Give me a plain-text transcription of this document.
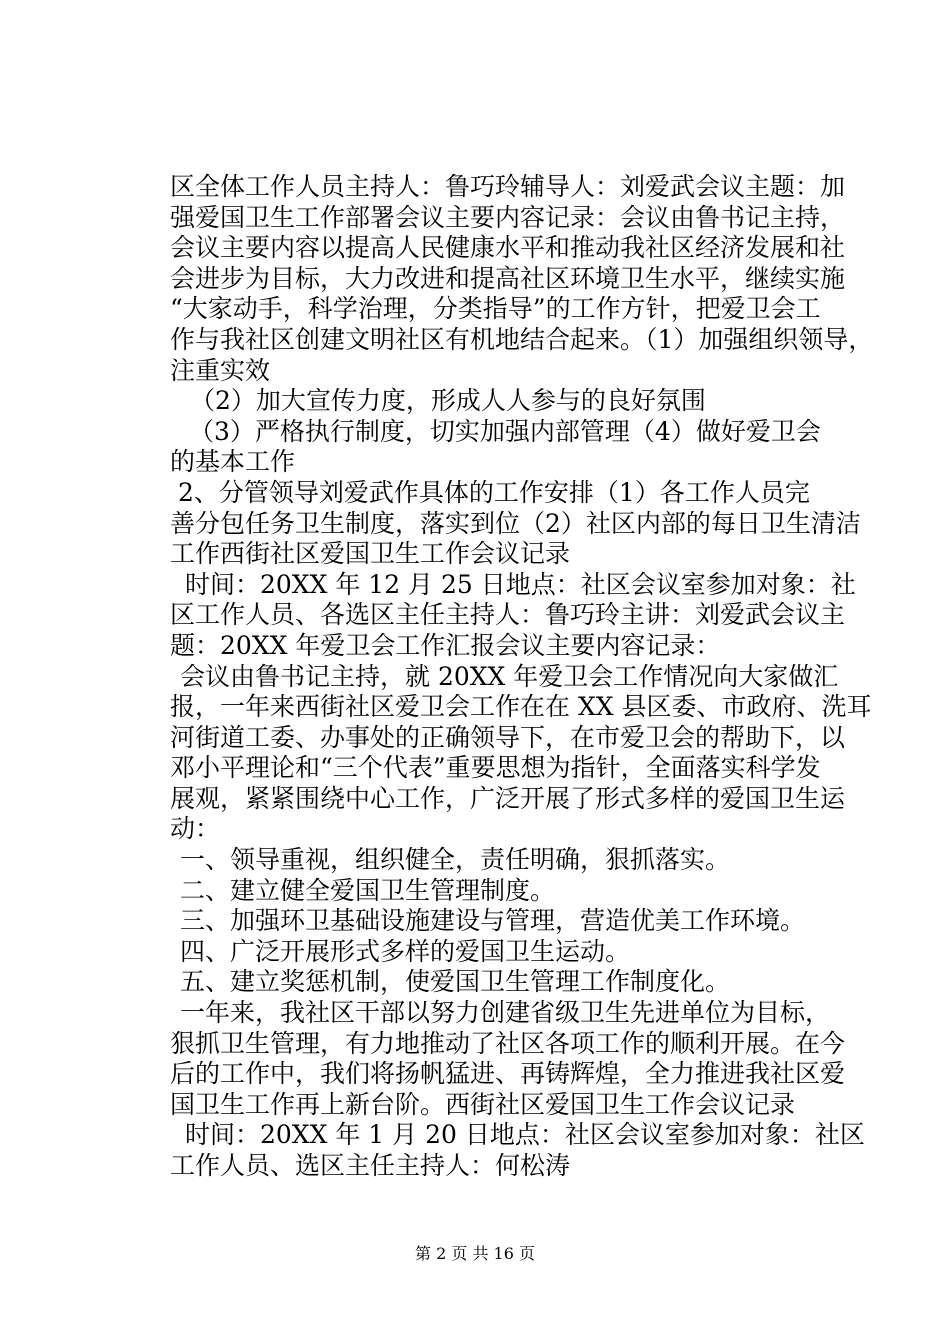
区全体工作人员主持人：鲁巧玲辅导人：刘爱武会议主题：加
强爱国卫生工作部署会议主要内容记录：会议由鲁书记主持，
会议主要内容以提高人民健康水平和推动我社区经济发展和社
会进步为目标，大力改进和提高社区环境卫生水平，继续实施
“大家动手，科学治理，分类指导”的工作方针，把爱卫会工
作与我社区创建文明社区有机地结合起来。（1）加强组织领导，
注重实效
（2）加大宣传力度，形成人人参与的良好氛围
（3）严格执行制度，切实加强内部管理（4）做好爱卫会
的基本工作
2、分管领导刘爱武作具体的工作安排（1）各工作人员完
善分包任务卫生制度，落实到位（2）社区内部的每日卫生清洁
工作西街社区爱国卫生工作会议记录
时间：20XX 年 12 月 25 日地点：社区会议室参加对象：社
区工作人员、各选区主任主持人：鲁巧玲主讲：刘爱武会议主
题：20XX 年爱卫会工作汇报会议主要内容记录：
会议由鲁书记主持，就 20XX 年爱卫会工作情况向大家做汇
报，一年来西街社区爱卫会工作在在 XX 县区委、市政府、洗耳
河街道工委、办事处的正确领导下，在市爱卫会的帮助下，以
邓小平理论和“三个代表”重要思想为指针，全面落实科学发
展观，紧紧围绕中心工作，广泛开展了形式多样的爱国卫生运
动：
一、领导重视，组织健全，责任明确，狠抓落实。
二、建立健全爱国卫生管理制度。
三、加强环卫基础设施建设与管理，营造优美工作环境。
四、广泛开展形式多样的爱国卫生运动。
五、建立奖惩机制，使爱国卫生管理工作制度化。
一年来，我社区干部以努力创建省级卫生先进单位为目标，
狠抓卫生管理，有力地推动了社区各项工作的顺利开展。在今
后的工作中，我们将扬帆猛进、再铸辉煌，全力推进我社区爱
国卫生工作再上新台阶。西街社区爱国卫生工作会议记录
时间：20XX 年 1 月 20 日地点：社区会议室参加对象：社区
工作人员、选区主任主持人：何松涛
第 2 页 共 16 页
